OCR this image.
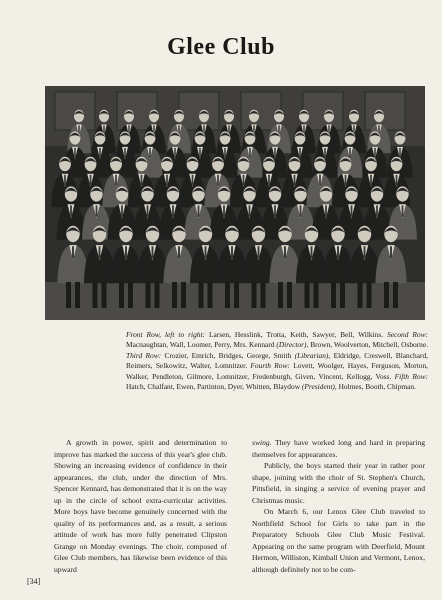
Glee Club
Front Row, left to right: Larsen, Hesslink, Trotta, Keith, Sawyer, Bell, Wilkins. Second Row: Macnaughtan, Wall, Loomer, Perry, Mrs. Kennard (Director), Brown, Woolverton, Mitchell, Osborne. Third Row: Crozier, Emrich, Bridges, George, Smith (Librarian), Eldridge, Creswell, Blanchard, Reimers, Selkowitz, Walter, Lomnitzer. Fourth Row: Lovett, Woolger, Hayes, Ferguson, Morton, Walker, Pendleton, Gilmore, Lomnitzer, Fredenburgh, Given, Vincent, Kellogg, Voss. Fifth Row: Hatch, Chalfant, Ewen, Partinton, Dyer, Whitten, Blaydow (President), Holmes, Booth, Chipman.

A growth in power, spirit and determination to improve has marked the success of this year's glee club. Showing an increasing evidence of confidence in their appearances, the club, under the direction of Mrs. Spencer Kennard, has demonstrated that it is on the way up in the circle of school extra-curricular activities. More boys have become genuinely concerned with the quality of its performances and, as a result, a serious attitude of work has more fully penetrated Clipston Grange on Monday evenings. The choir, composed of Glee Club members, has likewise been evidence of this upward

swing. They have worked long and hard in preparing themselves for appearances.

Publicly, the boys started their year in rather poor shape, joining with the choir of St. Stephen's Church, Pittsfield, in singing a service of evening prayer and Christmas music.

On March 6, our Lenox Glee Club traveled to Northfield School for Girls to take part in the Preparatory Schools Glee Club Music Festival. Appearing on the same program with Deerfield, Mount Hermon, Williston, Kimball Union and Vermont, Lenox, although definitely not to be com-

[34]
